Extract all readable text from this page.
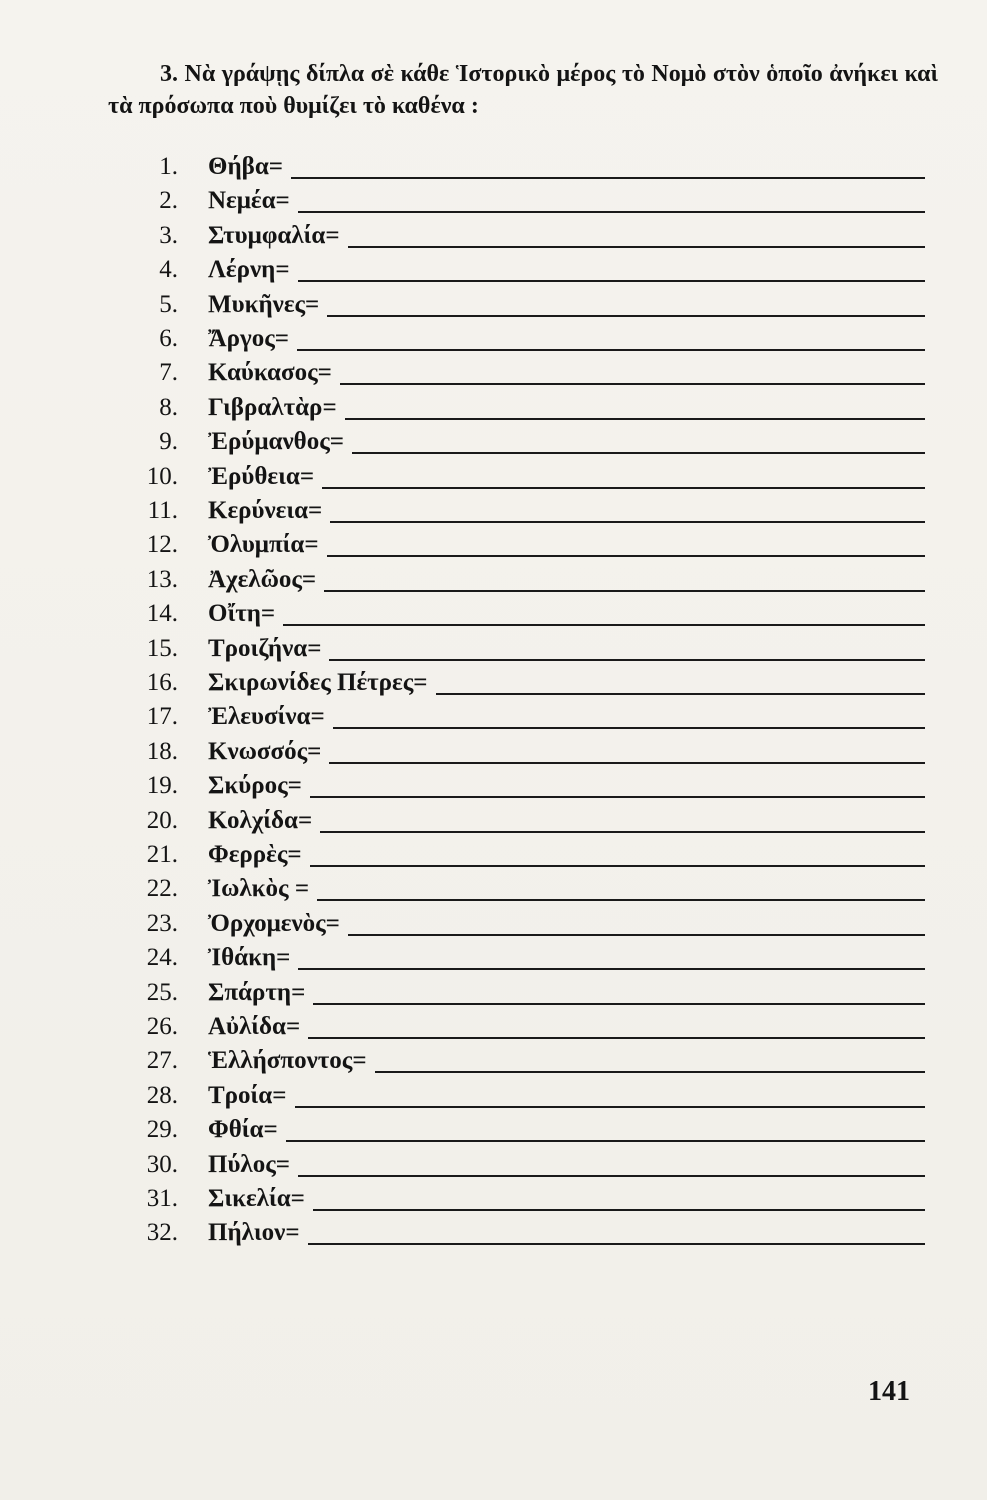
3. Νὰ γράψῃς δίπλα σὲ κάθε Ἱστορικὸ μέρος τὸ Νομὸ στὸν ὁποῖο ἀνήκει καὶ τὰ πρόσωπα ποὺ θυμίζει τὸ καθένα :
1. Θήβα=
2. Νεμέα=
3. Στυμφαλία=
4. Λέρνη=
5. Μυκῆνες=
6. Ἄργος=
7. Καύκασος=
8. Γιβραλτὰρ=
9. Ἐρύμανθος=
10. Ἐρύθεια=
11. Κερύνεια=
12. Ὀλυμπία=
13. Ἀχελῶος=
14. Οἴτη=
15. Τροιζήνα=
16. Σκιρωνίδες Πέτρες=
17. Ἐλευσίνα=
18. Κνωσσός=
19. Σκύρος=
20. Κολχίδα=
21. Φερρὲς=
22. Ἰωλκὸς =
23. Ὀρχομενὸς=
24. Ἰθάκη=
25. Σπάρτη=
26. Αὐλίδα=
27. Ἑλλήσποντος=
28. Τροία=
29. Φθία=
30. Πύλος=
31. Σικελία=
32. Πήλιον=
141
